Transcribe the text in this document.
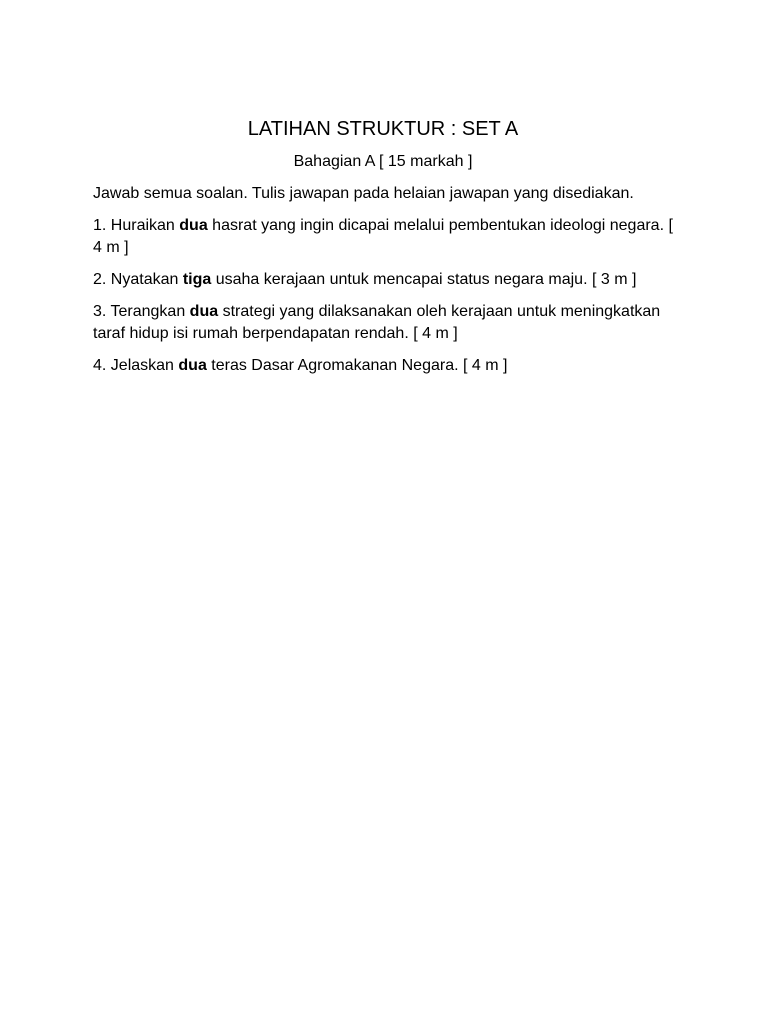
LATIHAN STRUKTUR : SET A
Bahagian A [ 15 markah ]
Jawab semua soalan. Tulis jawapan pada helaian jawapan yang disediakan.
1. Huraikan dua hasrat yang ingin dicapai melalui pembentukan ideologi negara. [ 4 m ]
2. Nyatakan tiga usaha kerajaan untuk mencapai status negara maju. [ 3 m ]
3. Terangkan dua strategi yang dilaksanakan oleh kerajaan untuk meningkatkan taraf hidup isi rumah berpendapatan rendah. [ 4 m ]
4. Jelaskan dua teras Dasar Agromakanan Negara. [ 4 m ]
